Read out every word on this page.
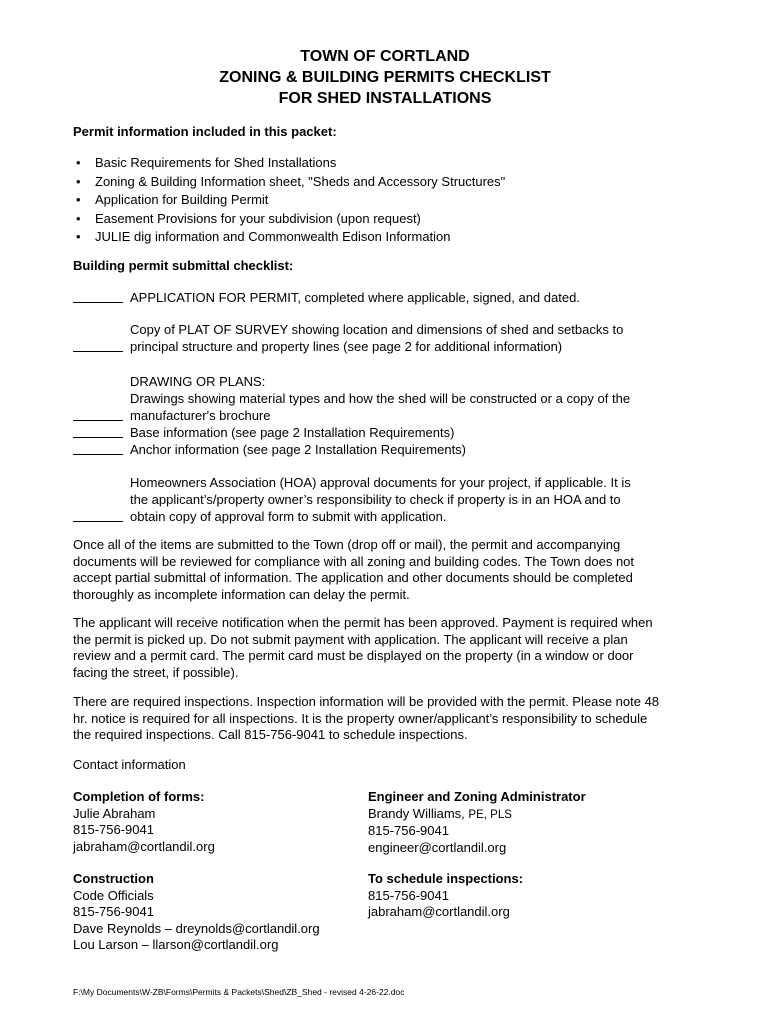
TOWN OF CORTLAND
ZONING & BUILDING PERMITS CHECKLIST
FOR SHED INSTALLATIONS
Permit information included in this packet:
• Basic Requirements for Shed Installations
• Zoning & Building Information sheet, "Sheds and Accessory Structures"
• Application for Building Permit
• Easement Provisions for your subdivision (upon request)
• JULIE dig information and Commonwealth Edison Information
Building permit submittal checklist:
APPLICATION FOR PERMIT, completed where applicable, signed, and dated.
Copy of PLAT OF SURVEY showing location and dimensions of shed and setbacks to
principal structure and property lines (see page 2 for additional information)
DRAWING OR PLANS:
Drawings showing material types and how the shed will be constructed or a copy of the
manufacturer's brochure
Base information (see page 2 Installation Requirements)
Anchor information (see page 2 Installation Requirements)
Homeowners Association (HOA) approval documents for your project, if applicable. It is
the applicant’s/property owner’s responsibility to check if property is in an HOA and to
obtain copy of approval form to submit with application.
Once all of the items are submitted to the Town (drop off or mail), the permit and accompanying
documents will be reviewed for compliance with all zoning and building codes. The Town does not
accept partial submittal of information. The application and other documents should be completed
thoroughly as incomplete information can delay the permit.
The applicant will receive notification when the permit has been approved. Payment is required when
the permit is picked up. Do not submit payment with application. The applicant will receive a plan
review and a permit card. The permit card must be displayed on the property (in a window or door
facing the street, if possible).
There are required inspections. Inspection information will be provided with the permit. Please note 48
hr. notice is required for all inspections. It is the property owner/applicant’s responsibility to schedule
the required inspections. Call 815-756-9041 to schedule inspections.
Contact information
Completion of forms:
Julie Abraham
815-756-9041
jabraham@cortlandil.org
Engineer and Zoning Administrator
Brandy Williams, PE, PLS
815-756-9041
engineer@cortlandil.org
Construction
Code Officials
815-756-9041
Dave Reynolds – dreynolds@cortlandil.org
Lou Larson – llarson@cortlandil.org
To schedule inspections:
815-756-9041
jabraham@cortlandil.org
F:\My Documents\W-ZB\Forms\Permits & Packets\Shed\ZB_Shed - revised 4-26-22.doc
